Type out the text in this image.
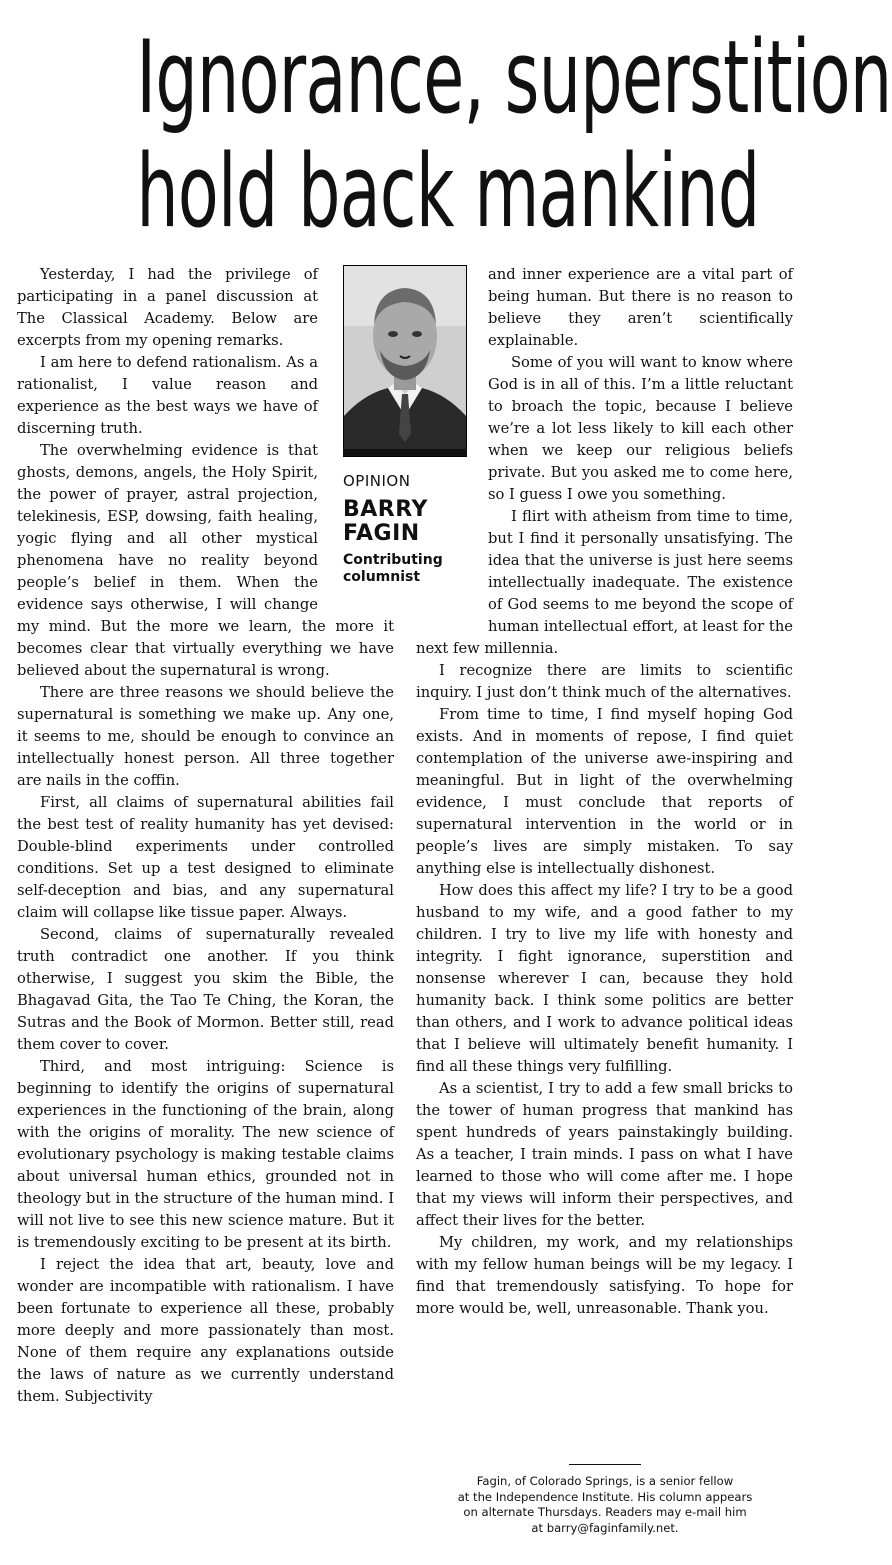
Ignorance, superstition
hold back mankind

Yesterday, I had the privilege of participating in a panel discussion at The Classical Academy. Below are excerpts from my opening remarks.

I am here to defend rationalism. As a rationalist, I value reason and experience as the best ways we have of discerning truth.

The overwhelming evidence is that ghosts, demons, angels, the Holy Spirit, the power of prayer, astral projection, telekinesis, ESP, dowsing, faith healing, yogic flying and all other mystical phenomena have no reality beyond people’s belief in them. When the evidence says otherwise, I will change my mind. But the more we learn, the more it becomes clear that virtually everything we have believed about the supernatural is wrong.

There are three reasons we should believe the supernatural is something we make up. Any one, it seems to me, should be enough to convince an intellectually honest person. All three together are nails in the coffin.

First, all claims of supernatural abilities fail the best test of reality humanity has yet devised: Double-blind experiments under controlled conditions. Set up a test designed to eliminate self-deception and bias, and any supernatural claim will collapse like tissue paper. Always.

Second, claims of supernaturally revealed truth contradict one another. If you think otherwise, I suggest you skim the Bible, the Bhagavad Gita, the Tao Te Ching, the Koran, the Sutras and the Book of Mormon. Better still, read them cover to cover.

Third, and most intriguing: Science is beginning to identify the origins of supernatural experiences in the functioning of the brain, along with the origins of morality. The new science of evolutionary psychology is making testable claims about universal human ethics, grounded not in theology but in the structure of the human mind. I will not live to see this new science mature. But it is tremendously exciting to be present at its birth.

I reject the idea that art, beauty, love and wonder are incompatible with rationalism. I have been fortunate to experience all these, probably more deeply and more passionately than most. None of them require any explanations outside the laws of nature as we currently understand them. Subjectivity

OPINION
BARRY
FAGIN
Contributing
columnist

and inner experience are a vital part of being human. But there is no reason to believe they aren’t scientifically explainable.

Some of you will want to know where God is in all of this. I’m a little reluctant to broach the topic, because I believe we’re a lot less likely to kill each other when we keep our religious beliefs private. But you asked me to come here, so I guess I owe you something.

I flirt with atheism from time to time, but I find it personally unsatisfying. The idea that the universe is just here seems intellectually inadequate. The existence of God seems to me beyond the scope of human intellectual effort, at least for the next few millennia.

I recognize there are limits to scientific inquiry. I just don’t think much of the alternatives.

From time to time, I find myself hoping God exists. And in moments of repose, I find quiet contemplation of the universe awe-inspiring and meaningful. But in light of the overwhelming evidence, I must conclude that reports of supernatural intervention in the world or in people’s lives are simply mistaken. To say anything else is intellectually dishonest.

How does this affect my life? I try to be a good husband to my wife, and a good father to my children. I try to live my life with honesty and integrity. I fight ignorance, superstition and nonsense wherever I can, because they hold humanity back. I think some politics are better than others, and I work to advance political ideas that I believe will ultimately benefit humanity. I find all these things very fulfilling.

As a scientist, I try to add a few small bricks to the tower of human progress that mankind has spent hundreds of years painstakingly building. As a teacher, I train minds. I pass on what I have learned to those who will come after me. I hope that my views will inform their perspectives, and affect their lives for the better.

My children, my work, and my relationships with my fellow human beings will be my legacy. I find that tremendously satisfying. To hope for more would be, well, unreasonable. Thank you.

Fagin, of Colorado Springs, is a senior fellow
at the Independence Institute. His column appears
on alternate Thursdays. Readers may e-mail him
at barry@faginfamily.net.
